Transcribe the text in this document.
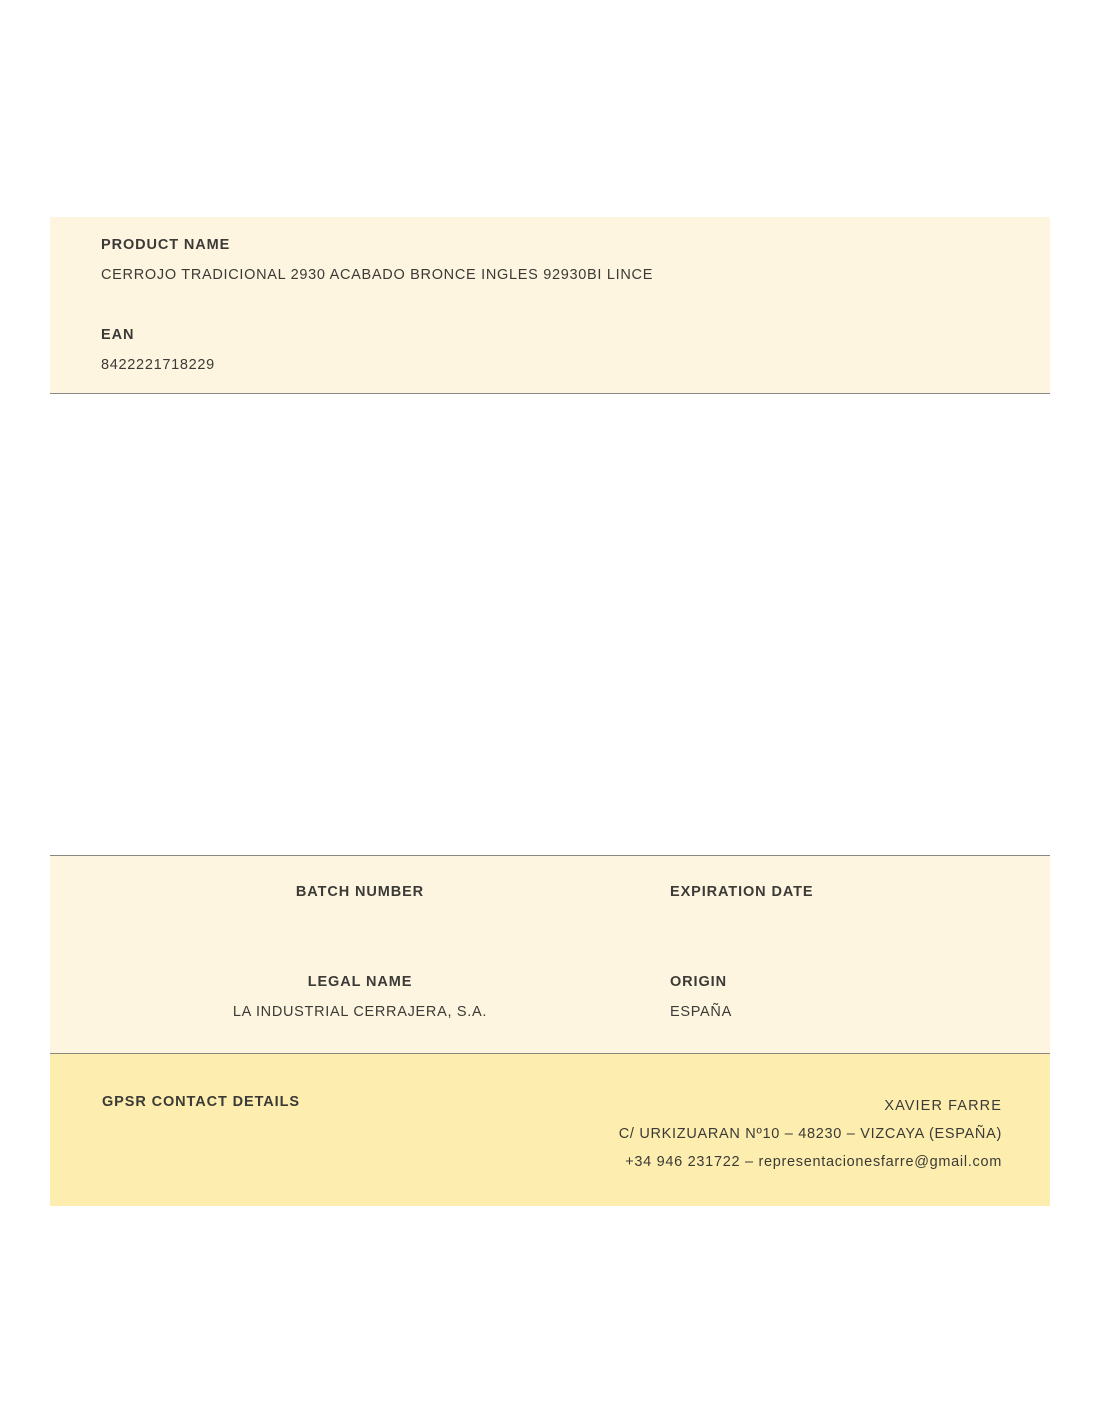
PRODUCT NAME
CERROJO TRADICIONAL 2930 ACABADO BRONCE INGLES 92930BI LINCE
EAN
8422221718229
BATCH NUMBER	EXPIRATION DATE
LEGAL NAME
LA INDUSTRIAL CERRAJERA, S.A.
ORIGIN
ESPAÑA
GPSR CONTACT DETAILS	XAVIER FARRE
C/ URKIZUARAN Nº10 – 48230 – VIZCAYA (ESPAÑA)
+34 946 231722 – representacionesfarre@gmail.com
